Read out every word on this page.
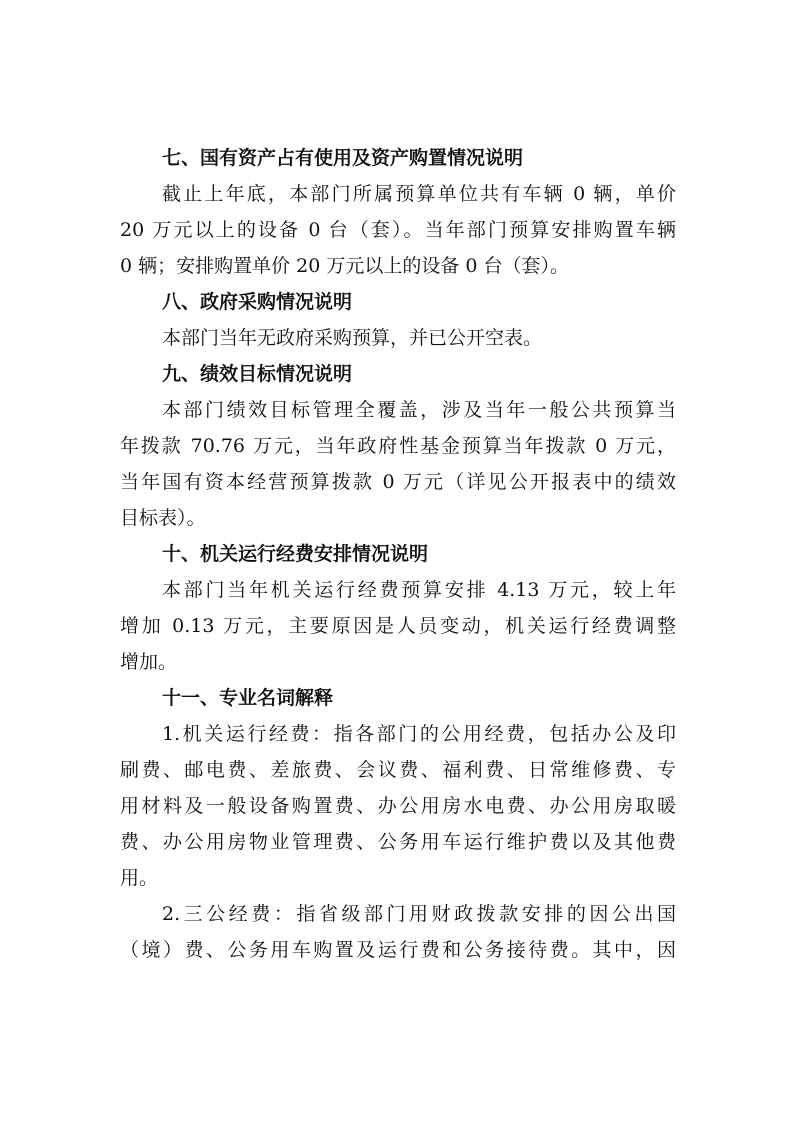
七、国有资产占有使用及资产购置情况说明
截止上年底，本部门所属预算单位共有车辆 0 辆，单价
20 万元以上的设备 0 台（套）。当年部门预算安排购置车辆
0 辆；安排购置单价 20 万元以上的设备 0 台（套）。
八、政府采购情况说明
本部门当年无政府采购预算，并已公开空表。
九、绩效目标情况说明
本部门绩效目标管理全覆盖，涉及当年一般公共预算当
年拨款 70.76 万元，当年政府性基金预算当年拨款 0 万元，
当年国有资本经营预算拨款 0 万元（详见公开报表中的绩效
目标表）。
十、机关运行经费安排情况说明
本部门当年机关运行经费预算安排 4.13 万元，较上年
增加 0.13 万元，主要原因是人员变动，机关运行经费调整
增加。
十一、专业名词解释
1.机关运行经费：指各部门的公用经费，包括办公及印
刷费、邮电费、差旅费、会议费、福利费、日常维修费、专
用材料及一般设备购置费、办公用房水电费、办公用房取暖
费、办公用房物业管理费、公务用车运行维护费以及其他费
用。
2.三公经费：指省级部门用财政拨款安排的因公出国
（境）费、公务用车购置及运行费和公务接待费。其中，因
